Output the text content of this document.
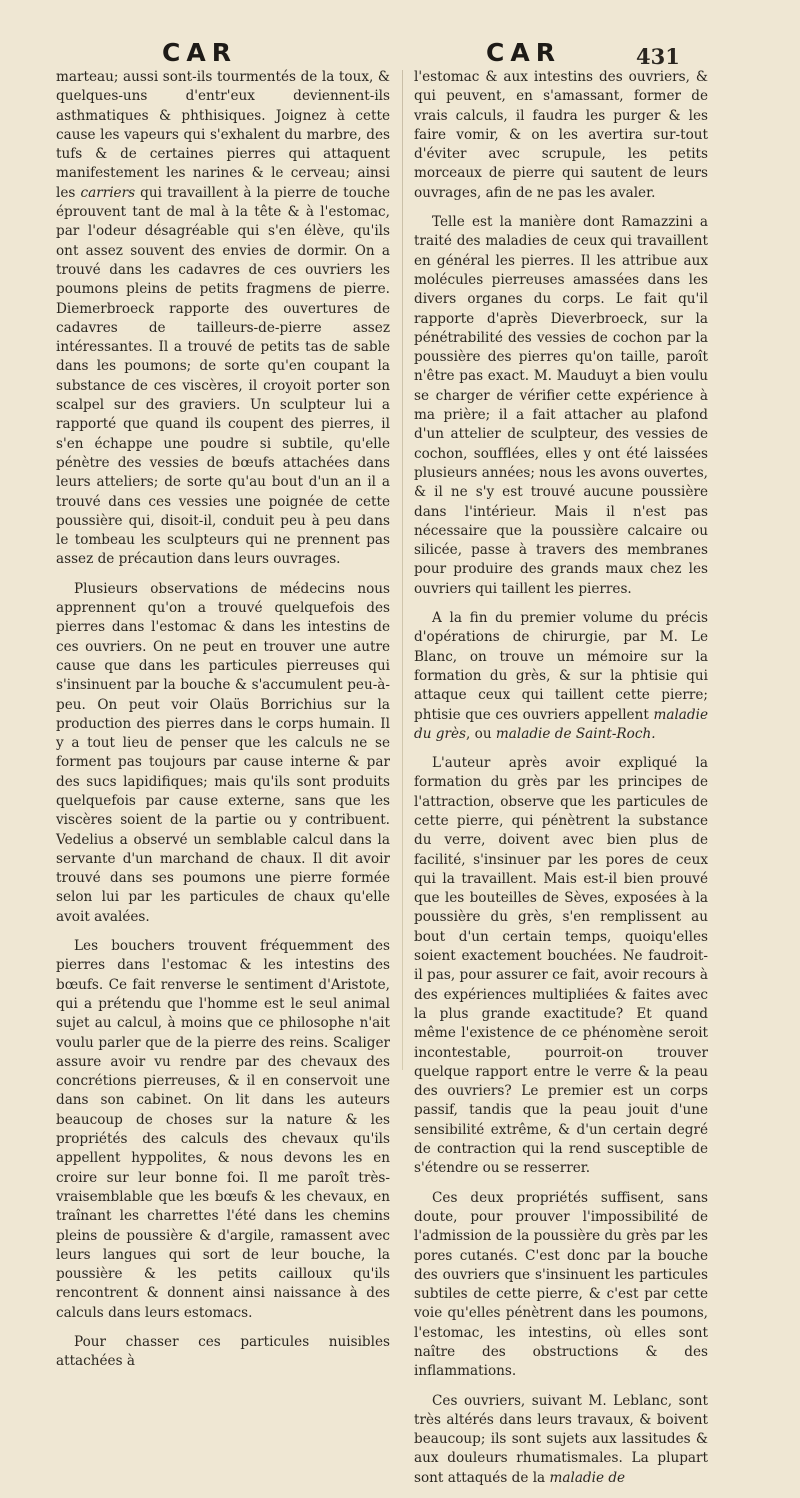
CAR	CAR	431

marteau; aussi sont-ils tourmentés de la toux, & quelques-uns d'entr'eux deviennent-ils asthmatiques & phthisiques. Joignez à cette cause les vapeurs qui s'exhalent du marbre, des tufs & de certaines pierres qui attaquent manifestement les narines & le cerveau; ainsi les carriers qui travaillent à la pierre de touche éprouvent tant de mal à la tête & à l'estomac, par l'odeur désagréable qui s'en élève, qu'ils ont assez souvent des envies de dormir. On a trouvé dans les cadavres de ces ouvriers les poumons pleins de petits fragmens de pierre. Diemerbroeck rapporte des ouvertures de cadavres de tailleurs-de-pierre assez intéressantes. Il a trouvé de petits tas de sable dans les poumons; de sorte qu'en coupant la substance de ces viscères, il croyoit porter son scalpel sur des graviers. Un sculpteur lui a rapporté que quand ils coupent des pierres, il s'en échappe une poudre si subtile, qu'elle pénètre des vessies de bœufs attachées dans leurs atteliers; de sorte qu'au bout d'un an il a trouvé dans ces vessies une poignée de cette poussière qui, disoit-il, conduit peu à peu dans le tombeau les sculpteurs qui ne prennent pas assez de précaution dans leurs ouvrages.

Plusieurs observations de médecins nous apprennent qu'on a trouvé quelquefois des pierres dans l'estomac & dans les intestins de ces ouvriers. On ne peut en trouver une autre cause que dans les particules pierreuses qui s'insinuent par la bouche & s'accumulent peu-à-peu. On peut voir Olaüs Borrichius sur la production des pierres dans le corps humain. Il y a tout lieu de penser que les calculs ne se forment pas toujours par cause interne & par des sucs lapidifiques; mais qu'ils sont produits quelquefois par cause externe, sans que les viscères soient de la partie ou y contribuent. Vedelius a observé un semblable calcul dans la servante d'un marchand de chaux. Il dit avoir trouvé dans ses poumons une pierre formée selon lui par les particules de chaux qu'elle avoit avalées.

Les bouchers trouvent fréquemment des pierres dans l'estomac & les intestins des bœufs. Ce fait renverse le sentiment d'Aristote, qui a prétendu que l'homme est le seul animal sujet au calcul, à moins que ce philosophe n'ait voulu parler que de la pierre des reins. Scaliger assure avoir vu rendre par des chevaux des concrétions pierreuses, & il en conservoit une dans son cabinet. On lit dans les auteurs beaucoup de choses sur la nature & les propriétés des calculs des chevaux qu'ils appellent hyppolites, & nous devons les en croire sur leur bonne foi. Il me paroît très-vraisemblable que les bœufs & les chevaux, en traînant les charrettes l'été dans les chemins pleins de poussière & d'argile, ramassent avec leurs langues qui sort de leur bouche, la poussière & les petits cailloux qu'ils rencontrent & donnent ainsi naissance à des calculs dans leurs estomacs.

Pour chasser ces particules nuisibles attachées à

l'estomac & aux intestins des ouvriers, & qui peuvent, en s'amassant, former de vrais calculs, il faudra les purger & les faire vomir, & on les avertira sur-tout d'éviter avec scrupule, les petits morceaux de pierre qui sautent de leurs ouvrages, afin de ne pas les avaler.

Telle est la manière dont Ramazzini a traité des maladies de ceux qui travaillent en général les pierres. Il les attribue aux molécules pierreuses amassées dans les divers organes du corps. Le fait qu'il rapporte d'après Dieverbroeck, sur la pénétrabilité des vessies de cochon par la poussière des pierres qu'on taille, paroît n'être pas exact. M. Mauduyt a bien voulu se charger de vérifier cette expérience à ma prière; il a fait attacher au plafond d'un attelier de sculpteur, des vessies de cochon, soufflées, elles y ont été laissées plusieurs années; nous les avons ouvertes, & il ne s'y est trouvé aucune poussière dans l'intérieur. Mais il n'est pas nécessaire que la poussière calcaire ou silicée, passe à travers des membranes pour produire des grands maux chez les ouvriers qui taillent les pierres.

A la fin du premier volume du précis d'opérations de chirurgie, par M. Le Blanc, on trouve un mémoire sur la formation du grès, & sur la phtisie qui attaque ceux qui taillent cette pierre; phtisie que ces ouvriers appellent maladie du grès, ou maladie de Saint-Roch.

L'auteur après avoir expliqué la formation du grès par les principes de l'attraction, observe que les particules de cette pierre, qui pénètrent la substance du verre, doivent avec bien plus de facilité, s'insinuer par les pores de ceux qui la travaillent. Mais est-il bien prouvé que les bouteilles de Sèves, exposées à la poussière du grès, s'en remplissent au bout d'un certain temps, quoiqu'elles soient exactement bouchées. Ne faudroit-il pas, pour assurer ce fait, avoir recours à des expériences multipliées & faites avec la plus grande exactitude? Et quand même l'existence de ce phénomène seroit incontestable, pourroit-on trouver quelque rapport entre le verre & la peau des ouvriers? Le premier est un corps passif, tandis que la peau jouit d'une sensibilité extrême, & d'un certain degré de contraction qui la rend susceptible de s'étendre ou se resserrer.

Ces deux propriétés suffisent, sans doute, pour prouver l'impossibilité de l'admission de la poussière du grès par les pores cutanés. C'est donc par la bouche des ouvriers que s'insinuent les particules subtiles de cette pierre, & c'est par cette voie qu'elles pénètrent dans les poumons, l'estomac, les intestins, où elles sont naître des obstructions & des inflammations.

Ces ouvriers, suivant M. Leblanc, sont très altérés dans leurs travaux, & boivent beaucoup; ils sont sujets aux lassitudes & aux douleurs rhumatismales. La plupart sont attaqués de la maladie de
